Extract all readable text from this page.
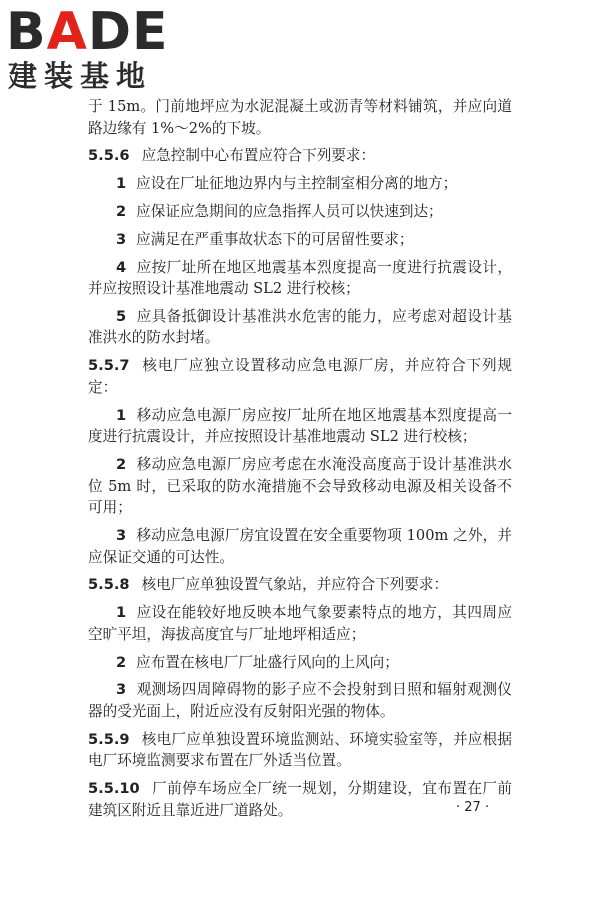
BADE
建装基地

于 15m。门前地坪应为水泥混凝土或沥青等材料铺筑，并应向道路边缘有 1%～2%的下坡。

5.5.6 应急控制中心布置应符合下列要求：

1 应设在厂址征地边界内与主控制室相分离的地方；

2 应保证应急期间的应急指挥人员可以快速到达；

3 应满足在严重事故状态下的可居留性要求；

4 应按厂址所在地区地震基本烈度提高一度进行抗震设计，并应按照设计基准地震动 SL2 进行校核；

5 应具备抵御设计基准洪水危害的能力，应考虑对超设计基准洪水的防水封堵。

5.5.7 核电厂应独立设置移动应急电源厂房，并应符合下列规定：

1 移动应急电源厂房应按厂址所在地区地震基本烈度提高一度进行抗震设计，并应按照设计基准地震动 SL2 进行校核；

2 移动应急电源厂房应考虑在水淹没高度高于设计基准洪水位 5m 时，已采取的防水淹措施不会导致移动电源及相关设备不可用；

3 移动应急电源厂房宜设置在安全重要物项 100m 之外，并应保证交通的可达性。

5.5.8 核电厂应单独设置气象站，并应符合下列要求：

1 应设在能较好地反映本地气象要素特点的地方，其四周应空旷平坦，海拔高度宜与厂址地坪相适应；

2 应布置在核电厂厂址盛行风向的上风向；

3 观测场四周障碍物的影子应不会投射到日照和辐射观测仪器的受光面上，附近应没有反射阳光强的物体。

5.5.9 核电厂应单独设置环境监测站、环境实验室等，并应根据电厂环境监测要求布置在厂外适当位置。

5.5.10 厂前停车场应全厂统一规划，分期建设，宜布置在厂前建筑区附近且靠近进厂道路处。	· 27 ·
